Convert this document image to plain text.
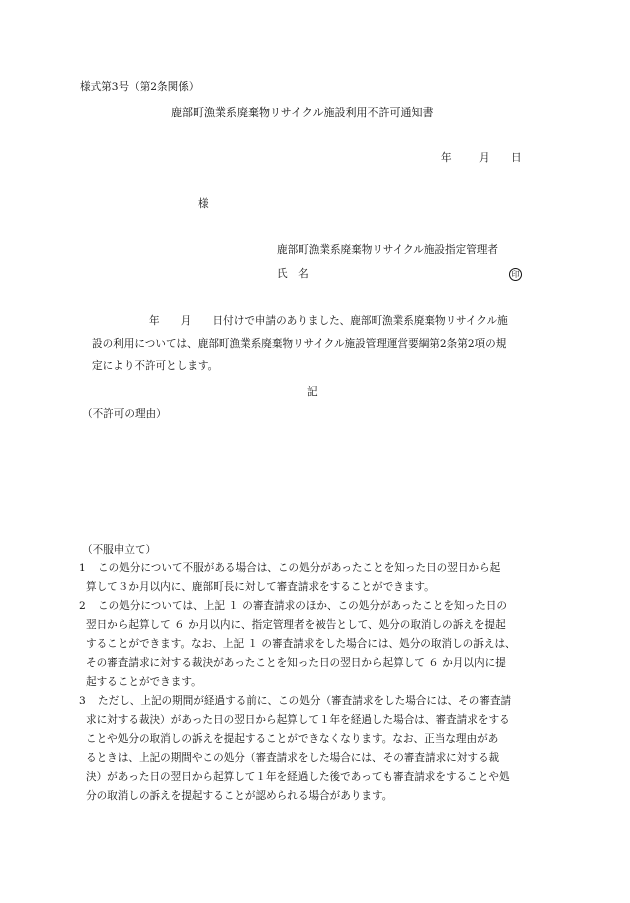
様式第3号（第2条関係）
鹿部町漁業系廃棄物リサイクル施設利用不許可通知書
年	月 日
様
鹿部町漁業系廃棄物リサイクル施設指定管理者
氏　名	印
年　　月　　日付けで申請のありました、鹿部町漁業系廃棄物リサイクル施
設の利用については、鹿部町漁業系廃棄物リサイクル施設管理運営要綱第2条第2項の規
定により不許可とします。
記
（不許可の理由）
（不服申立て）
1 この処分について不服がある場合は、この処分があったことを知った日の翌日から起
算して３か月以内に、鹿部町長に対して審査請求をすることができます。
2 この処分については、上記 １ の審査請求のほか、この処分があったことを知った日の
翌日から起算して ６ か月以内に、指定管理者を被告として、処分の取消しの訴えを提起
することができます。なお、上記 １ の審査請求をした場合には、処分の取消しの訴えは、
その審査請求に対する裁決があったことを知った日の翌日から起算して ６ か月以内に提
起することができます。
3 ただし、上記の期間が経過する前に、この処分（審査請求をした場合には、その審査請
求に対する裁決）があった日の翌日から起算して１年を経過した場合は、審査請求をする
ことや処分の取消しの訴えを提起することができなくなります。なお、正当な理由があ
るときは、上記の期間やこの処分（審査請求をした場合には、その審査請求に対する裁
決）があった日の翌日から起算して１年を経過した後であっても審査請求をすることや処
分の取消しの訴えを提起することが認められる場合があります。
